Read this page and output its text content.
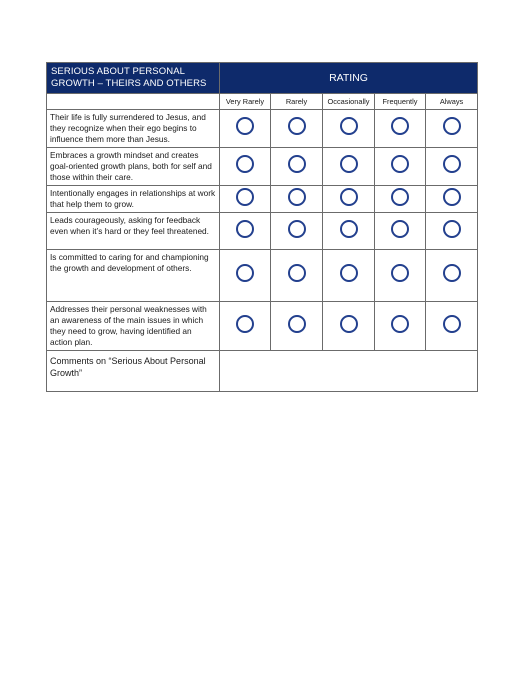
SERIOUS ABOUT PERSONAL GROWTH – THEIRS AND OTHERS	RATING				
	Very Rarely	Rarely	Occasionally	Frequently	Always
Their life is fully surrendered to Jesus, and they recognize when their ego begins to influence them more than Jesus.					
Embraces a growth mindset and creates goal-oriented growth plans, both for self and those within their care.					
Intentionally engages in relationships at work that help them to grow.					
Leads courageously, asking for feedback even when it’s hard or they feel threatened.					
Is committed to caring for and championing the growth and development of others.					
Addresses their personal weaknesses with an awareness of the main issues in which they need to grow, having identified an action plan.					
Comments on “Serious About Personal Growth”					
